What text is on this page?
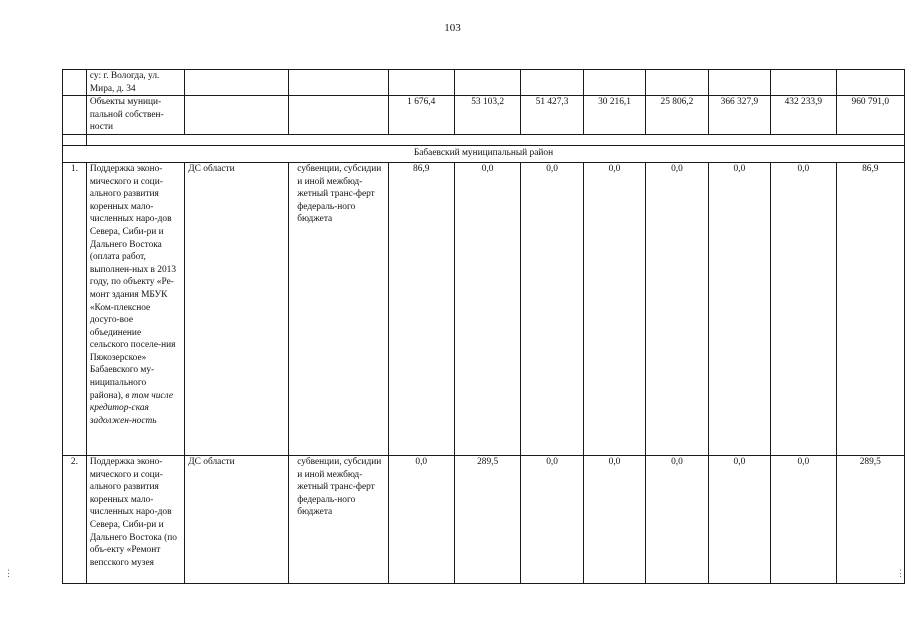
103
	су: г. Вологда, ул. Мира, д. 34										
	Объекты муници-пальной собствен-ности			1 676,4	53 103,2	51 427,3	30 216,1	25 806,2	366 327,9	432 233,9	960 791,0

Бабаевский муниципальный район											
1.	Поддержка эконо-мического и соци-ального развития коренных мало-численных наро-дов Севера, Сиби-ри и Дальнего Востока (оплата работ, выполнен-ных в 2013 году, по объекту «Ре-монт здания МБУК «Ком-плексное досуго-вое объединение сельского поселе-ния Пяжозерское» Бабаевского му-ниципального района), в том числе кредитор-ская задолжен-ность	ДС области	субвенции, субсидии и иной межбюд-жетный транс-ферт федераль-ного бюджета	86,9	0,0	0,0	0,0	0,0	0,0	0,0	86,9
2.	Поддержка эконо-мического и соци-ального развития коренных мало-численных наро-дов Севера, Сиби-ри и Дальнего Востока (по объ-екту «Ремонт вепсского музея	ДС области	субвенции, субсидии и иной межбюд-жетный транс-ферт федераль-ного бюджета	0,0	289,5	0,0	0,0	0,0	0,0	0,0	289,5
⋮	⋮
